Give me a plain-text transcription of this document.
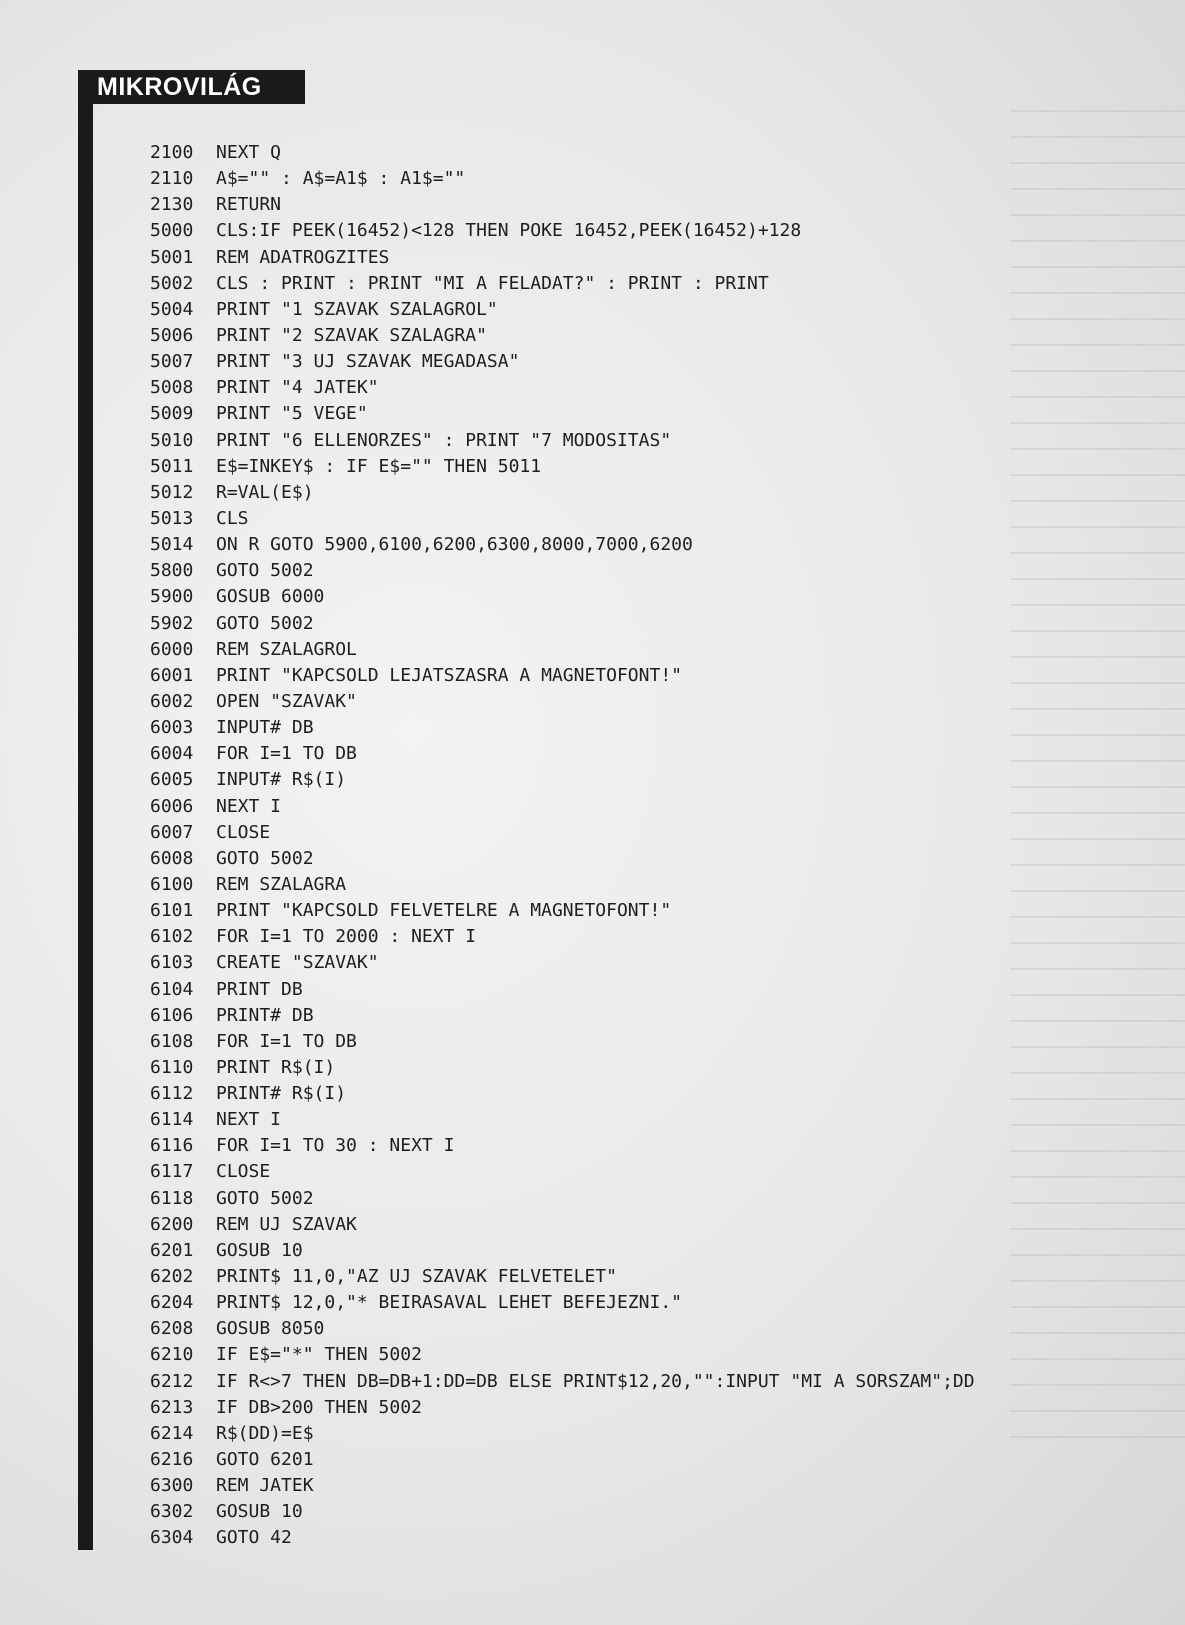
MIKROVILÁG
2100	NEXT Q
2110	A$="" : A$=A1$ : A1$=""
2130	RETURN
5000	CLS:IF PEEK(16452)<128 THEN POKE 16452,PEEK(16452)+128
5001	REM ADATROGZITES
5002	CLS : PRINT : PRINT "MI A FELADAT?" : PRINT : PRINT
5004	PRINT "1 SZAVAK SZALAGROL"
5006	PRINT "2 SZAVAK SZALAGRA"
5007	PRINT "3 UJ SZAVAK MEGADASA"
5008	PRINT "4 JATEK"
5009	PRINT "5 VEGE"
5010	PRINT "6 ELLENORZES" : PRINT "7 MODOSITAS"
5011	E$=INKEY$ : IF E$="" THEN 5011
5012	R=VAL(E$)
5013	CLS
5014	ON R GOTO 5900,6100,6200,6300,8000,7000,6200
5800	GOTO 5002
5900	GOSUB 6000
5902	GOTO 5002
6000	REM SZALAGROL
6001	PRINT "KAPCSOLD LEJATSZASRA A MAGNETOFONT!"
6002	OPEN "SZAVAK"
6003	INPUT# DB
6004	FOR I=1 TO DB
6005	INPUT# R$(I)
6006	NEXT I
6007	CLOSE
6008	GOTO 5002
6100	REM SZALAGRA
6101	PRINT "KAPCSOLD FELVETELRE A MAGNETOFONT!"
6102	FOR I=1 TO 2000 : NEXT I
6103	CREATE "SZAVAK"
6104	PRINT DB
6106	PRINT# DB
6108	FOR I=1 TO DB
6110	PRINT R$(I)
6112	PRINT# R$(I)
6114	NEXT I
6116	FOR I=1 TO 30 : NEXT I
6117	CLOSE
6118	GOTO 5002
6200	REM UJ SZAVAK
6201	GOSUB 10
6202	PRINT$ 11,0,"AZ UJ SZAVAK FELVETELET"
6204	PRINT$ 12,0,"* BEIRASAVAL LEHET BEFEJEZNI."
6208	GOSUB 8050
6210	IF E$="*" THEN 5002
6212	IF R<>7 THEN DB=DB+1:DD=DB ELSE PRINT$12,20,"":INPUT "MI A SORSZAM";DD
6213	IF DB>200 THEN 5002
6214	R$(DD)=E$
6216	GOTO 6201
6300	REM JATEK
6302	GOSUB 10
6304	GOTO 42
